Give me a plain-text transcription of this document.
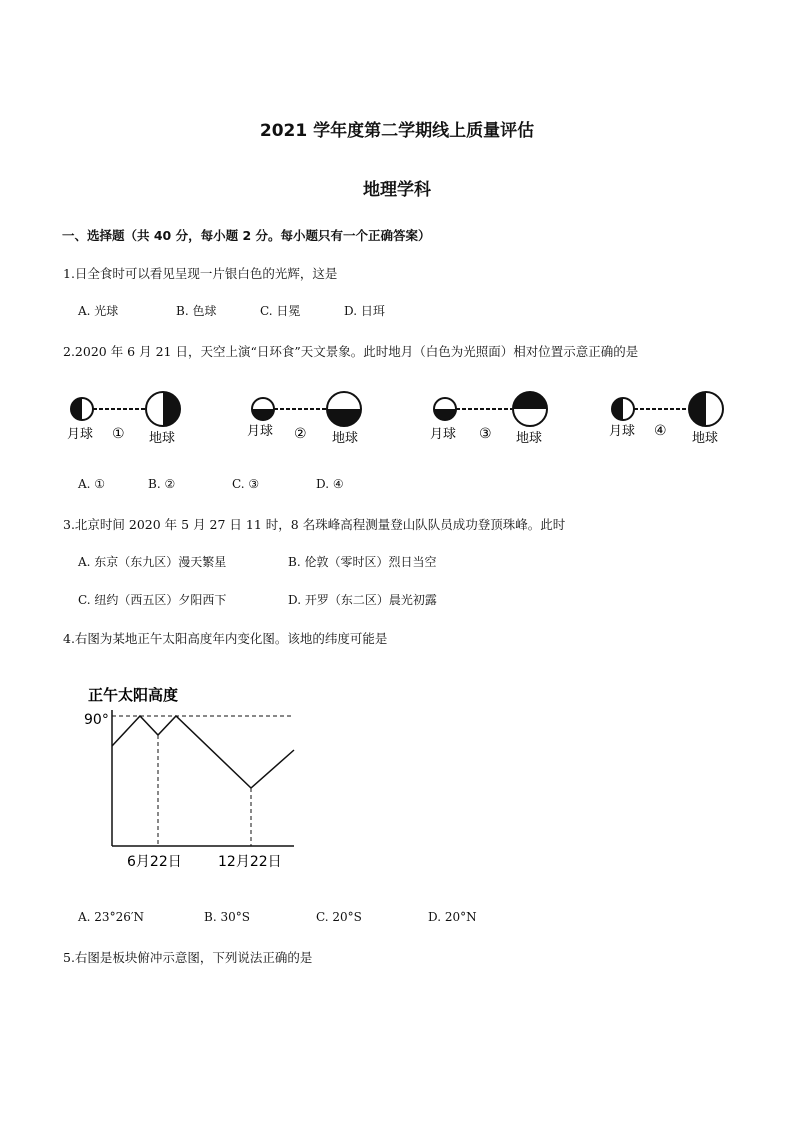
2021 学年度第二学期线上质量评估
地理学科
一、选择题（共 40 分，每小题 2 分。每小题只有一个正确答案）
1.日全食时可以看见呈现一片银白色的光辉，这是
A. 光球	B. 色球	C. 日冕	D. 日珥
2.2020 年 6 月 21 日，天空上演“日环食”天文景象。此时地月（白色为光照面）相对位置示意正确的是
月球 ① 地球	月球 ② 地球	月球 ③ 地球	月球 ④ 地球
A. ①	B. ②	C. ③	D. ④
3.北京时间 2020 年 5 月 27 日 11 时，8 名珠峰高程测量登山队队员成功登顶珠峰。此时
A. 东京（东九区）漫天繁星	B. 伦敦（零时区）烈日当空
C. 纽约（西五区）夕阳西下	D. 开罗（东二区）晨光初露
4.右图为某地正午太阳高度年内变化图。该地的纬度可能是
正午太阳高度
90°
6月22日	12月22日
A. 23°26′N	B. 30°S	C. 20°S	D. 20°N
5.右图是板块俯冲示意图，下列说法正确的是
